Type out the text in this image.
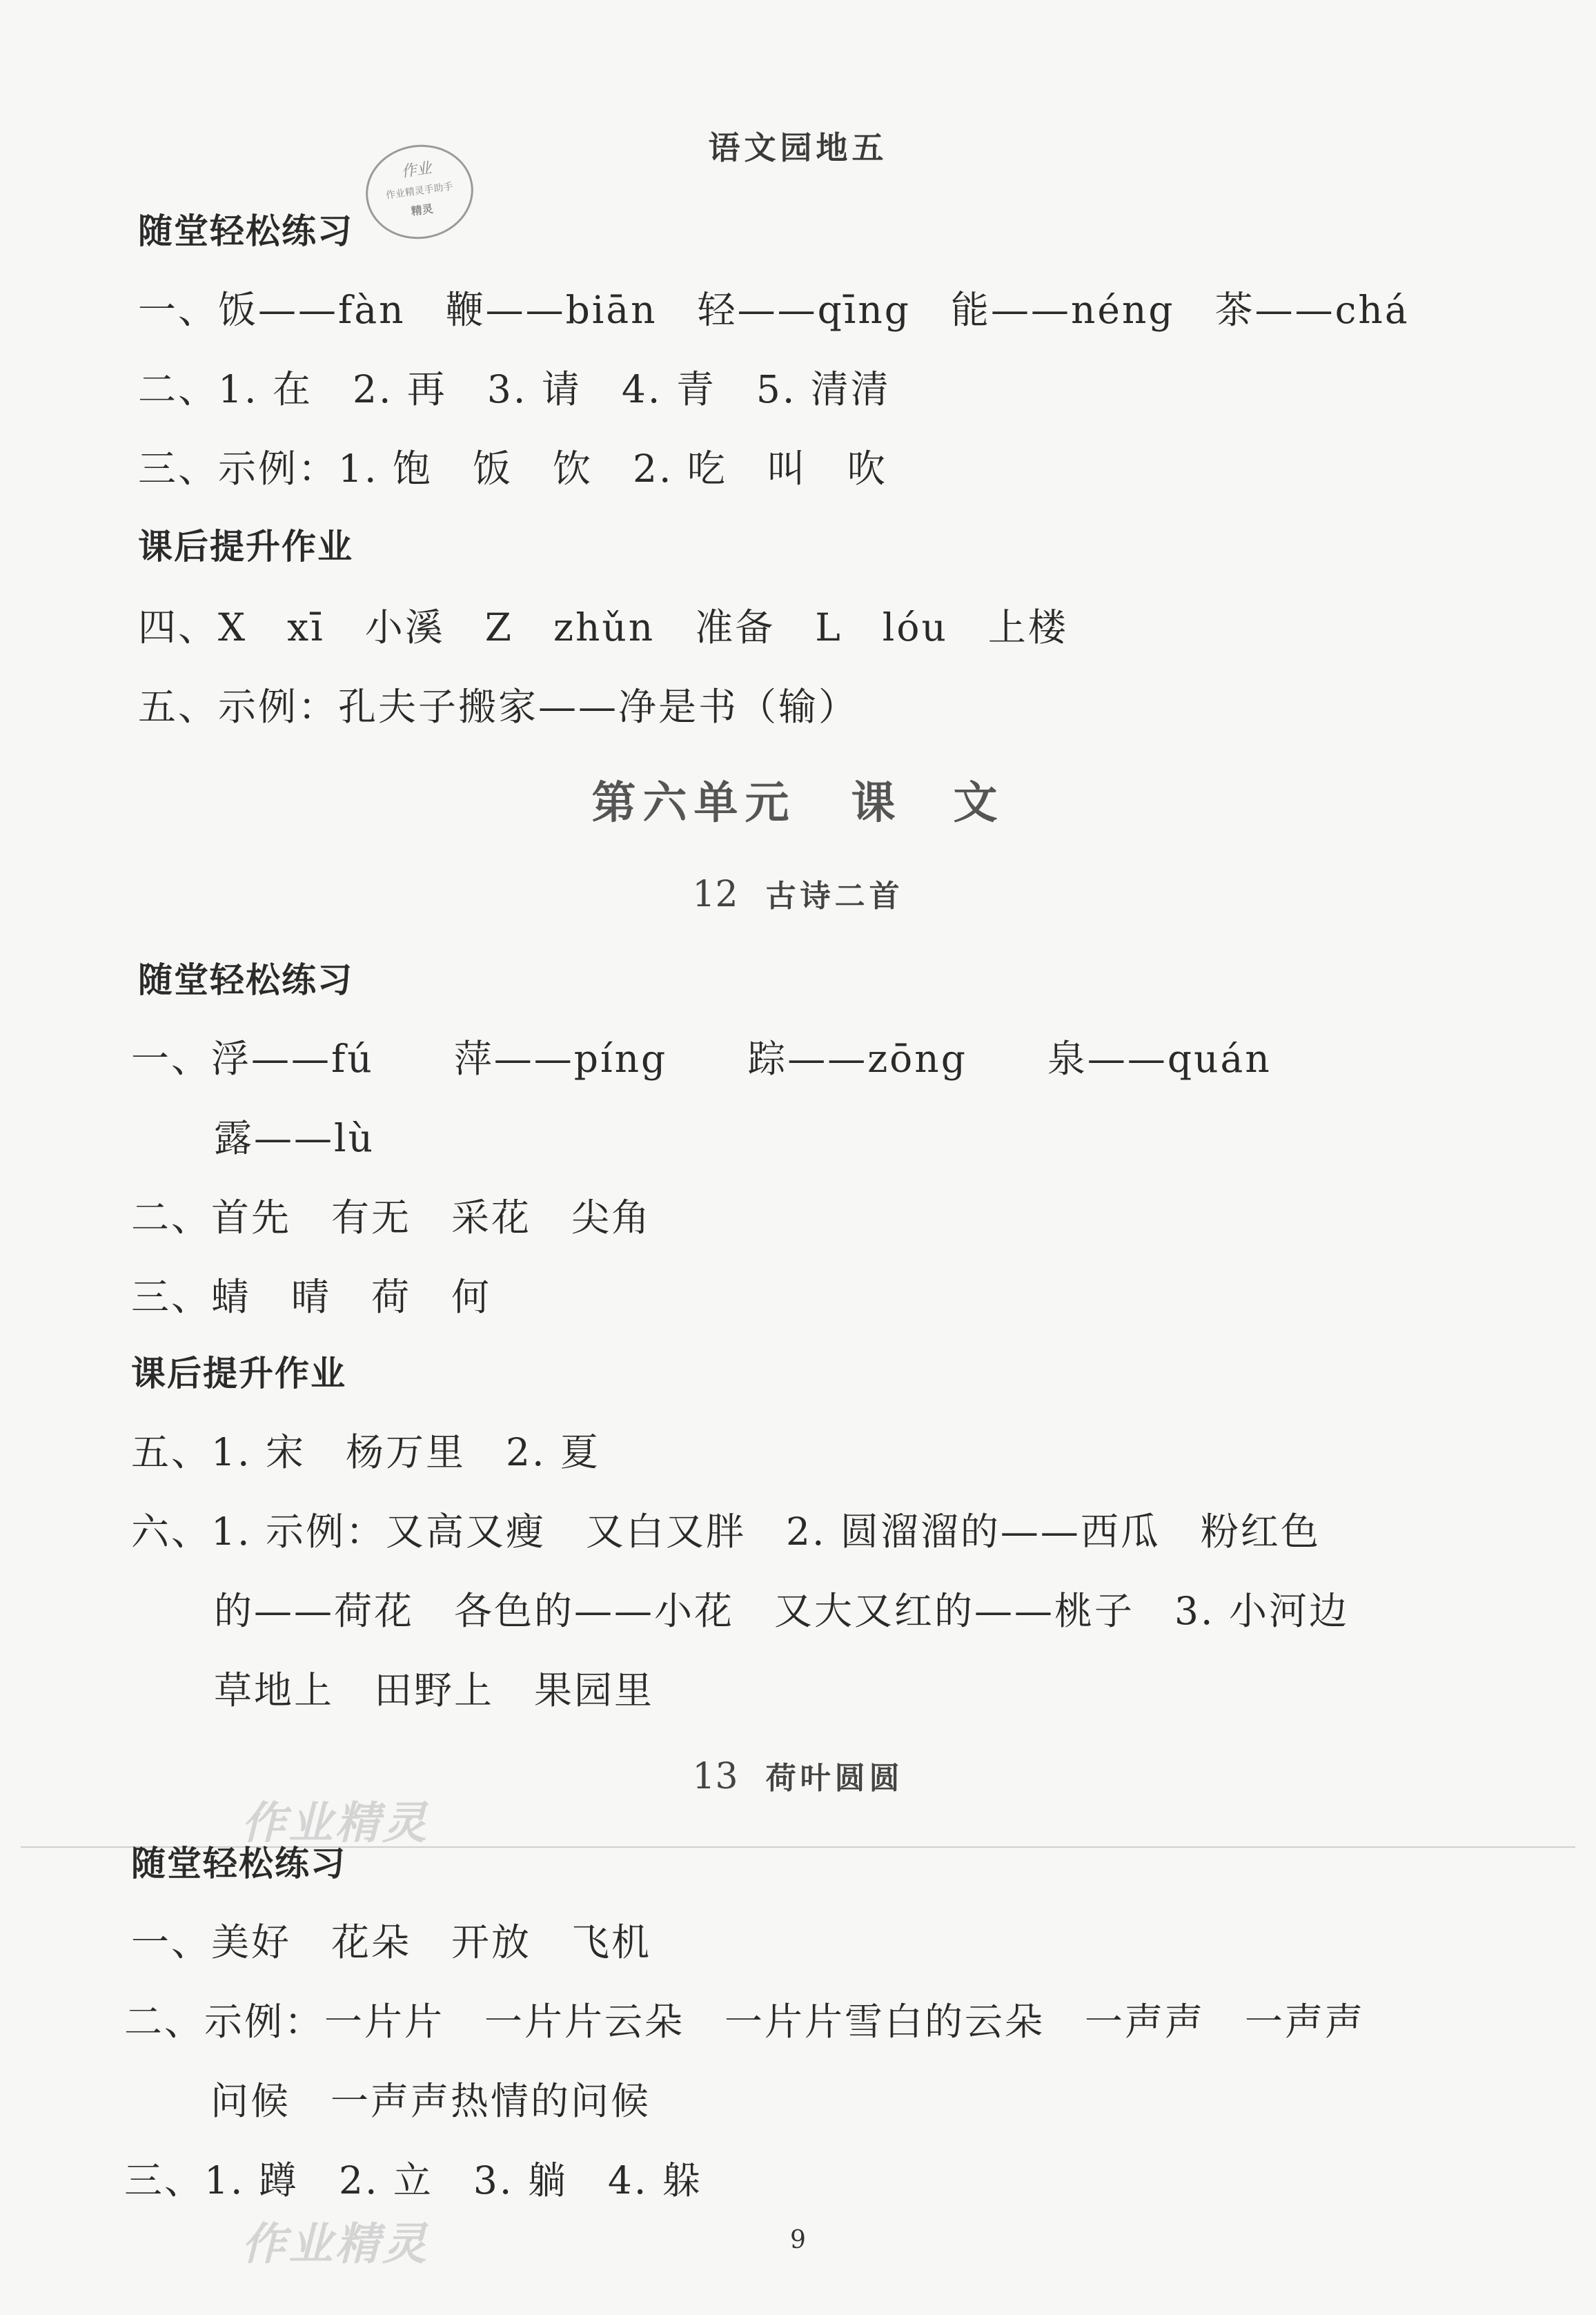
语文园地五
作业
作业精灵手助手
精灵
随堂轻松练习
一、饭——fàn　鞭——biān　轻——qīng　能——néng　茶——chá
二、1. 在　2. 再　3. 请　4. 青　5. 清清
三、示例：1. 饱　饭　饮　2. 吃　叫　吹
课后提升作业
四、X　xī　小溪　Z　zhǔn　准备　L　lóu　上楼
五、示例：孔夫子搬家——净是书（输）
第六单元 课　文
12 古诗二首
随堂轻松练习
一、浮——fú　　萍——píng　　踪——zōng　　泉——quán
露——lù
二、首先　有无　采花　尖角
三、蜻　晴　荷　何
课后提升作业
五、1. 宋　杨万里　2. 夏
六、1. 示例：又高又瘦　又白又胖　2. 圆溜溜的——西瓜　粉红色
的——荷花　各色的——小花　又大又红的——桃子　3. 小河边
草地上　田野上　果园里
13 荷叶圆圆
作业精灵
随堂轻松练习
一、美好　花朵　开放　飞机
二、示例：一片片　一片片云朵　一片片雪白的云朵　一声声　一声声
问候　一声声热情的问候
三、1. 蹲　2. 立　3. 躺　4. 躲
作业精灵	9
